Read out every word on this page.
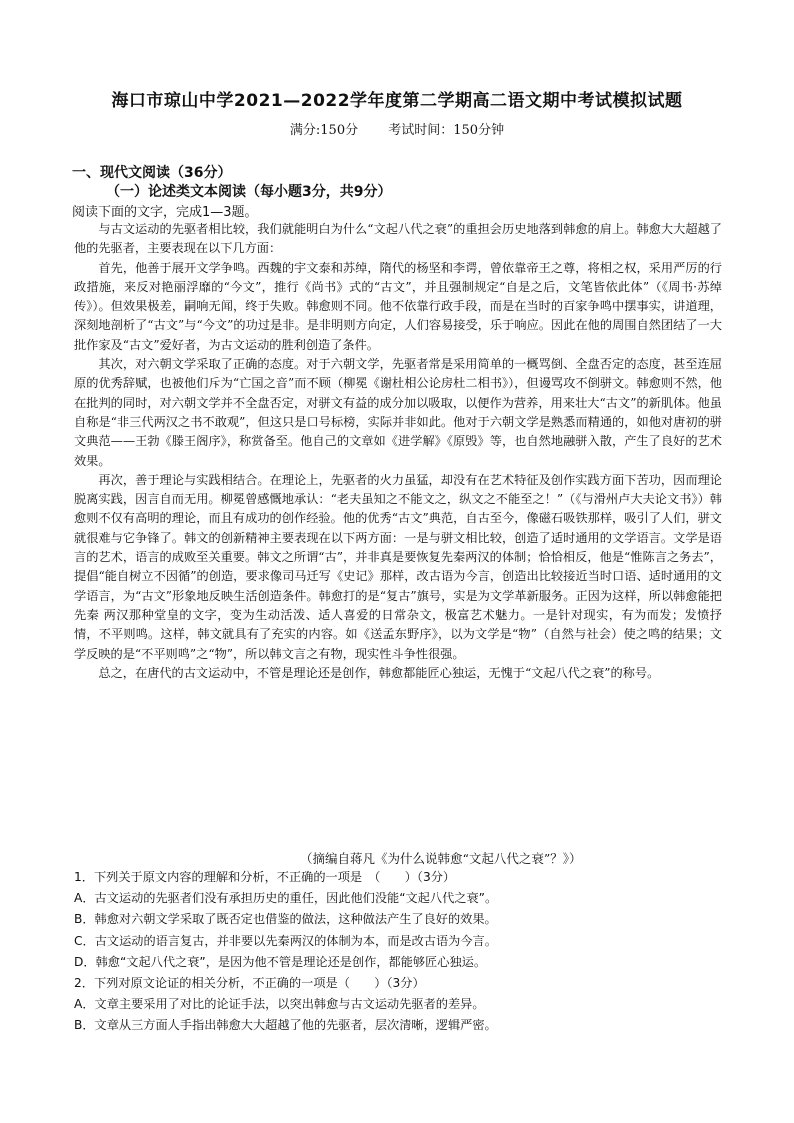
海口市琼山中学2021—2022学年度第二学期高二语文期中考试模拟试题
满分:150分 考试时间：150分钟
一、现代文阅读（36分）
（一）论述类文本阅读（每小题3分，共9分）
阅读下面的文字，完成1—3题。

与古文运动的先驱者相比较，我们就能明白为什么“文起八代之衰”的重担会历史地落到韩愈的肩上。韩愈大大超越了他的先驱者，主要表现在以下几方面：

首先，他善于展开文学争鸣。西魏的宇文泰和苏绰，隋代的杨坚和李谔，曾依靠帝王之尊，将相之权，采用严厉的行政措施，来反对艳丽浮靡的“今文”，推行《尚书》式的“古文”，并且强制规定“自是之后，文笔皆依此体”（《周书·苏绰传》）。但效果极差，嗣响无闻，终于失败。韩愈则不同。他不依靠行政手段，而是在当时的百家争鸣中摆事实，讲道理，深刻地剖析了“古文”与“今文”的功过是非。是非明则方向定，人们容易接受，乐于响应。因此在他的周围自然团结了一大批作家及“古文”爱好者，为古文运动的胜利创造了条件。

其次，对六朝文学采取了正确的态度。对于六朝文学，先驱者常是采用简单的一概骂倒、全盘否定的态度，甚至连屈原的优秀辞赋，也被他们斥为“亡国之音”而不顾（柳冕《谢杜相公论房杜二相书》），但谩骂攻不倒骈文。韩愈则不然，他在批判的同时，对六朝文学并不全盘否定，对骈文有益的成分加以吸取，以便作为营养，用来壮大“古文”的新肌体。他虽自称是“非三代两汉之书不敢观”，但这只是口号标榜，实际并非如此。他对于六朝文学是熟悉而精通的，如他对唐初的骈文典范——王勃《滕王阁序》，称赏备至。他自己的文章如《进学解》《原毁》等，也自然地融骈入散，产生了良好的艺术效果。

再次，善于理论与实践相结合。在理论上，先驱者的火力虽猛，却没有在艺术特征及创作实践方面下苦功，因而理论脱离实践，因言自而无用。柳冕曾感慨地承认：“老夫虽知之不能文之，纵文之不能至之！”（《与滑州卢大夫论文书》）韩愈则不仅有高明的理论，而且有成功的创作经验。他的优秀“古文”典范，自古至今，像磁石吸铁那样，吸引了人们，骈文就很难与它争锋了。韩文的创新精神主要表现在以下两方面：一是与骈文相比较，创造了适时通用的文学语言。文学是语言的艺术，语言的成败至关重要。韩文之所谓“古”，并非真是要恢复先秦两汉的体制；恰恰相反，他是“惟陈言之务去”，提倡“能自树立不因循”的创造，要求像司马迁写《史记》那样，改古语为今言，创造出比较接近当时口语、适时通用的文学语言，为“古文”形象地反映生活创造条件。韩愈打的是“复古”旗号，实是为文学革新服务。正因为这样，所以韩愈能把先秦 两汉那种堂皇的文字，变为生动活泼、适人喜爱的日常杂文，极富艺术魅力。一是针对现实，有为而发；发愤抒情，不平则鸣。这样，韩文就具有了充实的内容。如《送孟东野序》，以为文学是“物”（自然与社会）使之鸣的结果；文学反映的是“不平则鸣”之“物”，所以韩文言之有物，现实性斗争性很强。

总之，在唐代的古文运动中，不管是理论还是创作，韩愈都能匠心独运，无愧于“文起八代之衰”的称号。

（摘编自蒋凡《为什么说韩愈“文起八代之衰”？》）
1．下列关于原文内容的理解和分析，不正确的一项是　（　　）（3分）
A．古文运动的先驱者们没有承担历史的重任，因此他们没能“文起八代之衰”。
B．韩愈对六朝文学采取了既否定也借鉴的做法，这种做法产生了良好的效果。
C．古文运动的语言复古，并非要以先秦两汉的体制为本，而是改古语为今言。
D．韩愈“文起八代之衰”，是因为他不管是理论还是创作，都能够匠心独运。
2．下列对原文论证的相关分析，不正确的一项是（　　）（3分）
A．文章主要采用了对比的论证手法，以突出韩愈与古文运动先驱者的差异。
B．文章从三方面人手指出韩愈大大超越了他的先驱者，层次清晰，逻辑严密。
